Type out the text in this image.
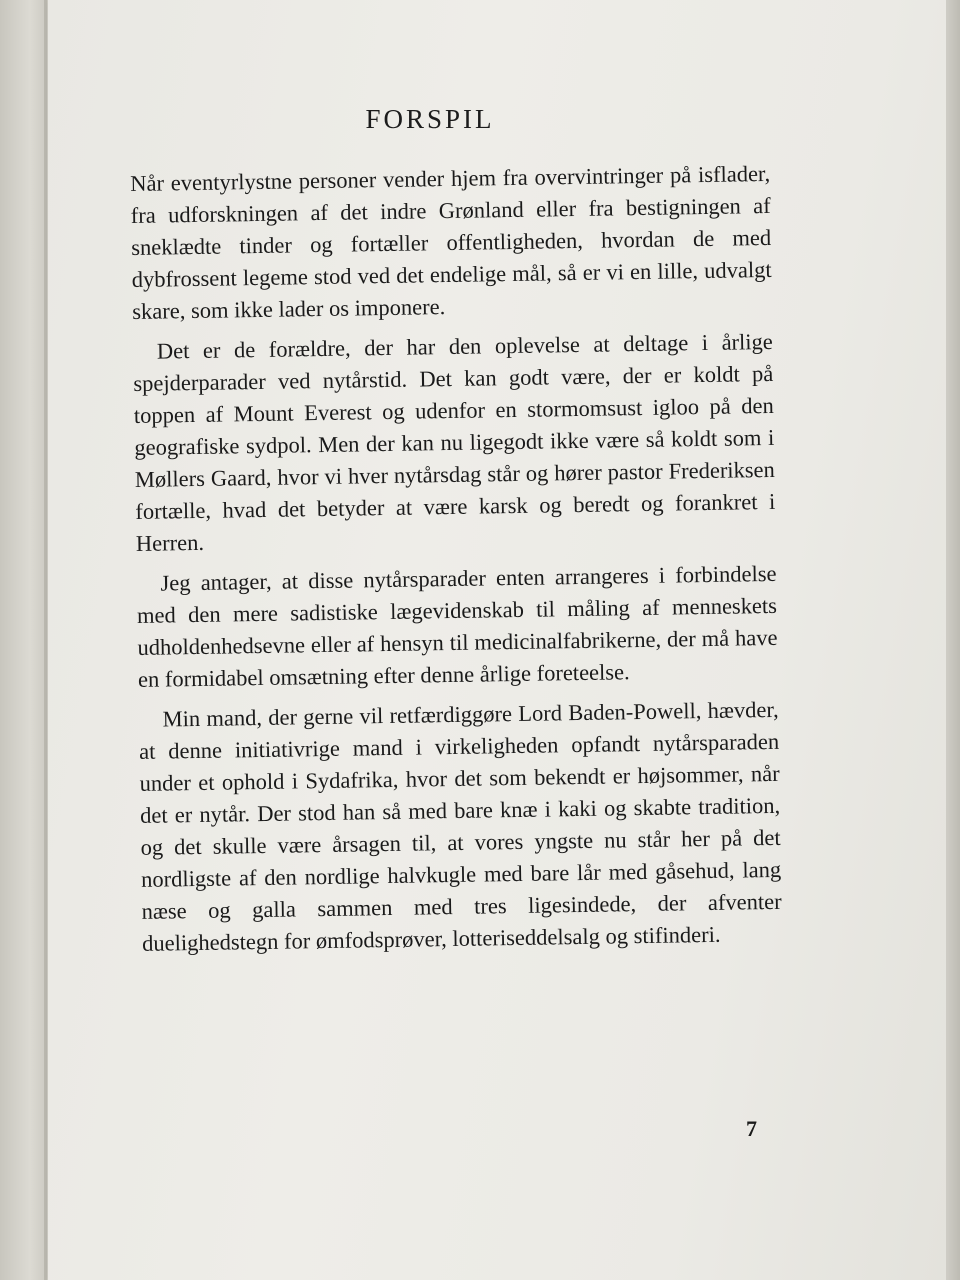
FORSPIL

Når eventyrlystne personer vender hjem fra overvintringer på isflader, fra udforskningen af det indre Grønland eller fra bestigningen af sneklædte tinder og fortæller offentligheden, hvordan de med dybfrossent legeme stod ved det endelige mål, så er vi en lille, udvalgt skare, som ikke lader os imponere.

Det er de forældre, der har den oplevelse at deltage i årlige spejderparader ved nytårstid. Det kan godt være, der er koldt på toppen af Mount Everest og udenfor en stormomsust igloo på den geografiske sydpol. Men der kan nu ligegodt ikke være så koldt som i Møllers Gaard, hvor vi hver nytårsdag står og hører pastor Frederiksen fortælle, hvad det betyder at være karsk og beredt og forankret i Herren.

Jeg antager, at disse nytårsparader enten arrangeres i forbindelse med den mere sadistiske lægevidenskab til måling af menneskets udholdenhedsevne eller af hensyn til medicinalfabrikerne, der må have en formidabel omsætning efter denne årlige foreteelse.

Min mand, der gerne vil retfærdiggøre Lord Baden-Powell, hævder, at denne initiativrige mand i virkeligheden opfandt nytårsparaden under et ophold i Sydafrika, hvor det som bekendt er højsommer, når det er nytår. Der stod han så med bare knæ i kaki og skabte tradition, og det skulle være årsagen til, at vores yngste nu står her på det nordligste af den nordlige halvkugle med bare lår med gåsehud, lang næse og galla sammen med tres ligesindede, der afventer duelighedstegn for ømfodsprøver, lotteriseddelsalg og stifinderi.

7
